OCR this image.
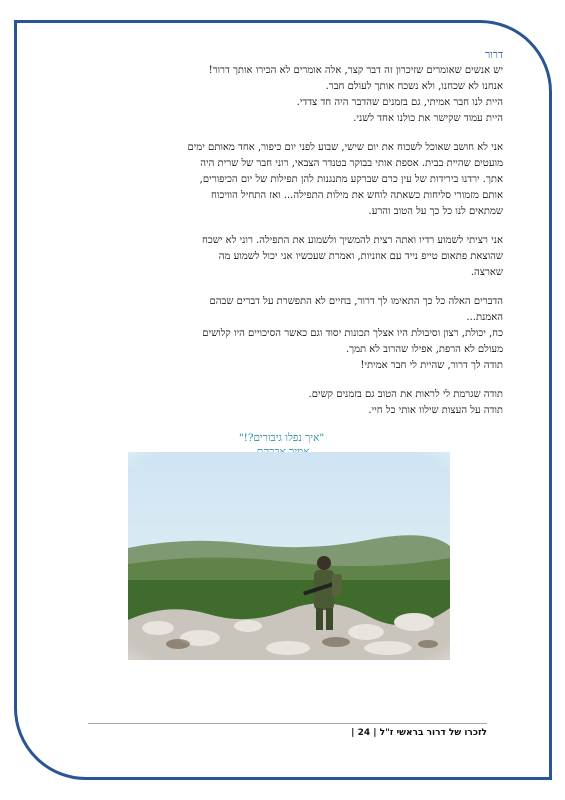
דרור

יש אנשים שאומרים שזיכרון זה דבר קצר, אלה אומרים לא הכירו אותך דרור!
אנחנו לא שכחנו, ולא נשכח אותך לעולם חבר.
היית לנו חבר אמיתי, גם בזמנים שהדבר היה חד צדדי.
היית עמוד שקישר את כולנו אחד לשני.

אני לא חושב שאוכל לשכוח את יום שישי, שבוע לפני יום כיפור, אחד מאותם ימים
מועטים שהיית בבית. אספת אותי בבוקר בטנדר הצבאי, רוני חבר של שרית היה
אתך. ירדנו בירידות של עין כרם שברקע מתנגנות להן תפילות של יום הכיפורים,
אותם מזמורי סליחות כשאתה לוחש את מילות התפילה... ואז התחיל הוויכוח
שמתאים לנו כל כך על הטוב והרע.

אני רציתי לשמוע רדיו ואתה רצית להמשיך ולשמוע את התפילה. רוני לא ישכח
שהוצאת פתאום טייפ נייד עם אוזניות, ואמרת שעכשיו אני יכול לשמוע מה
שארצה.

הדברים האלה כל כך התאימו לך דרור, בחיים לא התפשרת על דברים שבהם
האמנת...
כח, יכולת, רצון וסיבולת היו אצלך תכונות יסוד וגם כאשר הסיכויים היו קלושים
מעולם לא הרפת, אפילו שהרוב לא תמך.
תודה לך דרור, שהיית לי חבר אמיתי!

תודה שגרמת לי לראות את הטוב גם בזמנים קשים.
תודה על העצות שילוו אותי כל חיי.

"איך נפלו גיבורים?!"
לזכרו של דרור בראשי ז"ל | 24 |
